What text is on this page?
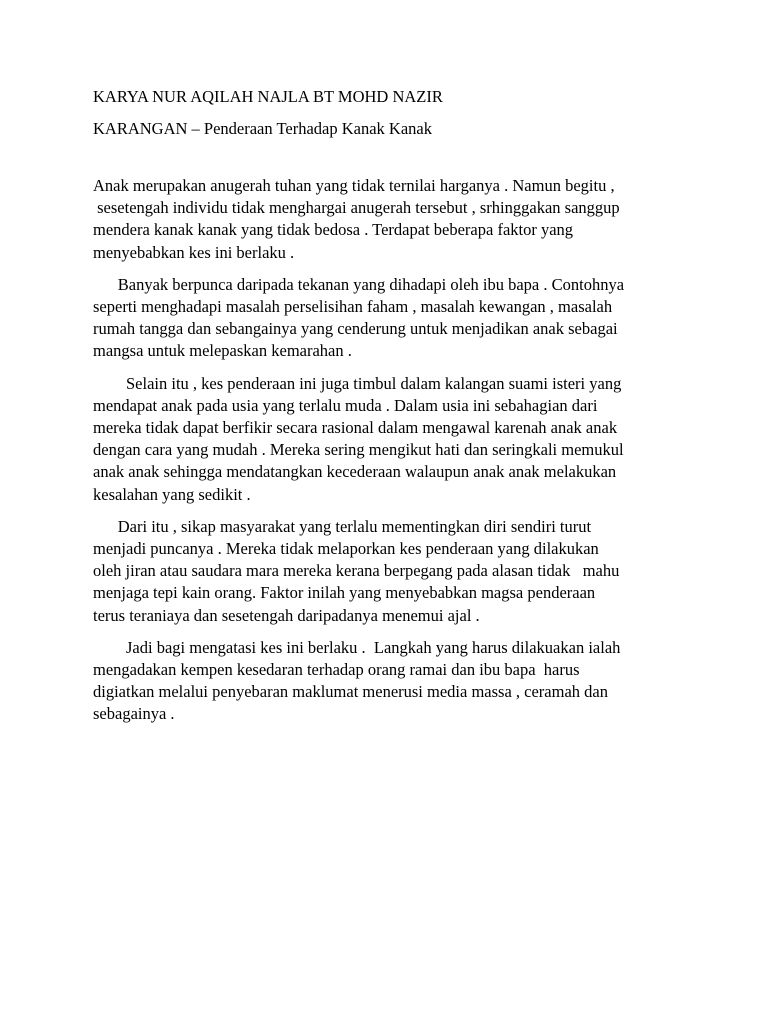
KARYA NUR AQILAH NAJLA BT MOHD NAZIR

KARANGAN – Penderaan Terhadap Kanak Kanak

Anak merupakan anugerah tuhan yang tidak ternilai harganya . Namun begitu ,
sesetengah individu tidak menghargai anugerah tersebut , srhinggakan sanggup
mendera kanak kanak yang tidak bedosa . Terdapat beberapa faktor yang
menyebabkan kes ini berlaku .

Banyak berpunca daripada tekanan yang dihadapi oleh ibu bapa . Contohnya
seperti menghadapi masalah perselisihan faham , masalah kewangan , masalah
rumah tangga dan sebangainya yang cenderung untuk menjadikan anak sebagai
mangsa untuk melepaskan kemarahan .

Selain itu , kes penderaan ini juga timbul dalam kalangan suami isteri yang
mendapat anak pada usia yang terlalu muda . Dalam usia ini sebahagian dari
mereka tidak dapat berfikir secara rasional dalam mengawal karenah anak anak
dengan cara yang mudah . Mereka sering mengikut hati dan seringkali memukul
anak anak sehingga mendatangkan kecederaan walaupun anak anak melakukan
kesalahan yang sedikit .

Dari itu , sikap masyarakat yang terlalu mementingkan diri sendiri turut
menjadi puncanya . Mereka tidak melaporkan kes penderaan yang dilakukan
oleh jiran atau saudara mara mereka kerana berpegang pada alasan tidak   mahu
menjaga tepi kain orang. Faktor inilah yang menyebabkan magsa penderaan
terus teraniaya dan sesetengah daripadanya menemui ajal .

Jadi bagi mengatasi kes ini berlaku .  Langkah yang harus dilakuakan ialah
mengadakan kempen kesedaran terhadap orang ramai dan ibu bapa  harus
digiatkan melalui penyebaran maklumat menerusi media massa , ceramah dan
sebagainya .
